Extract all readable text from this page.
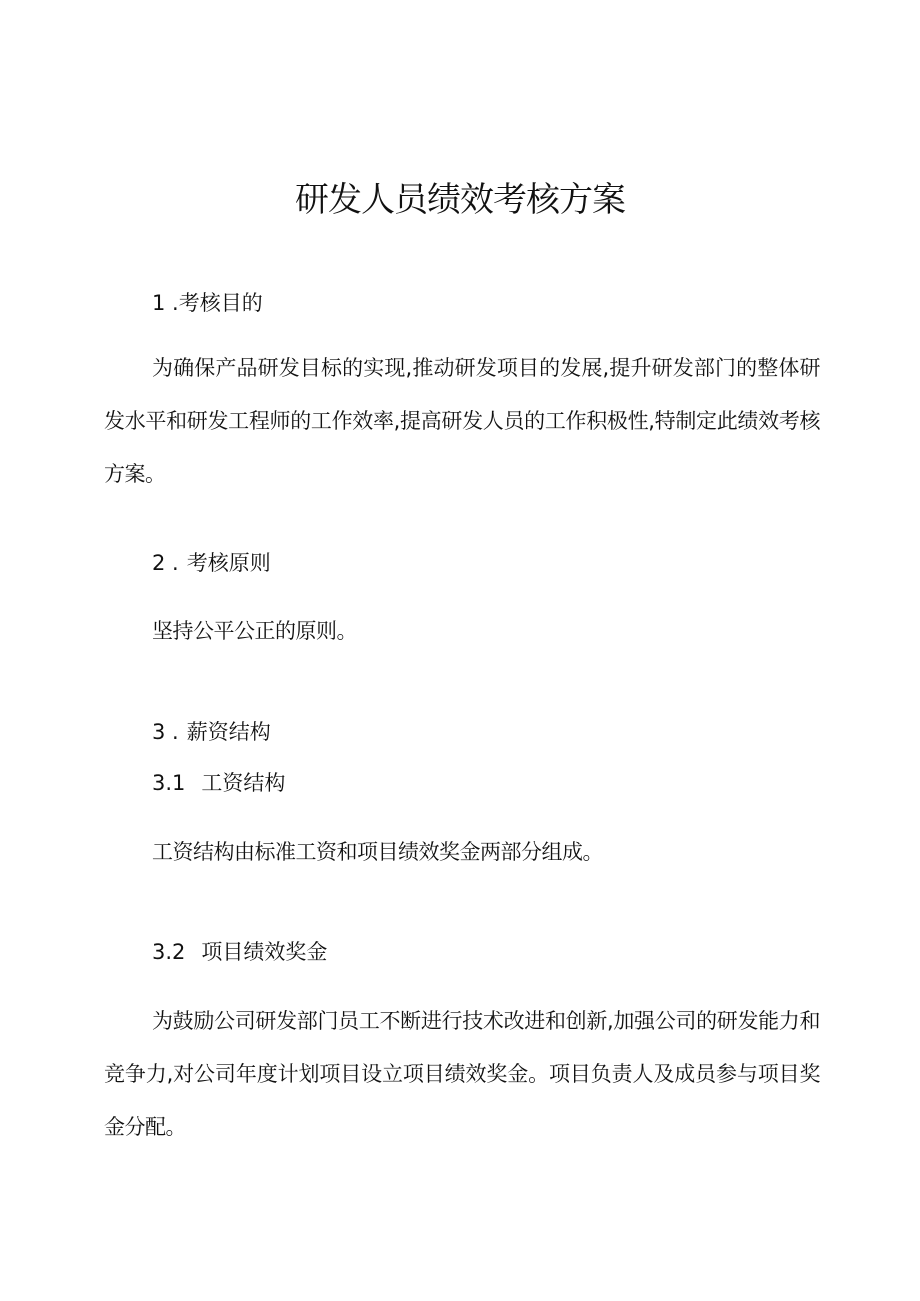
研发人员绩效考核方案
1 .考核目的

为确保产品研发目标的实现,推动研发项目的发展,提升研发部门的整体研发水平和研发工程师的工作效率,提高研发人员的工作积极性,特制定此绩效考核方案。

2 . 考核原则

坚持公平公正的原则。

3 . 薪资结构
3.1 工资结构

工资结构由标准工资和项目绩效奖金两部分组成。

3.2 项目绩效奖金

为鼓励公司研发部门员工不断进行技术改进和创新,加强公司的研发能力和竞争力,对公司年度计划项目设立项目绩效奖金。项目负责人及成员参与项目奖金分配。
